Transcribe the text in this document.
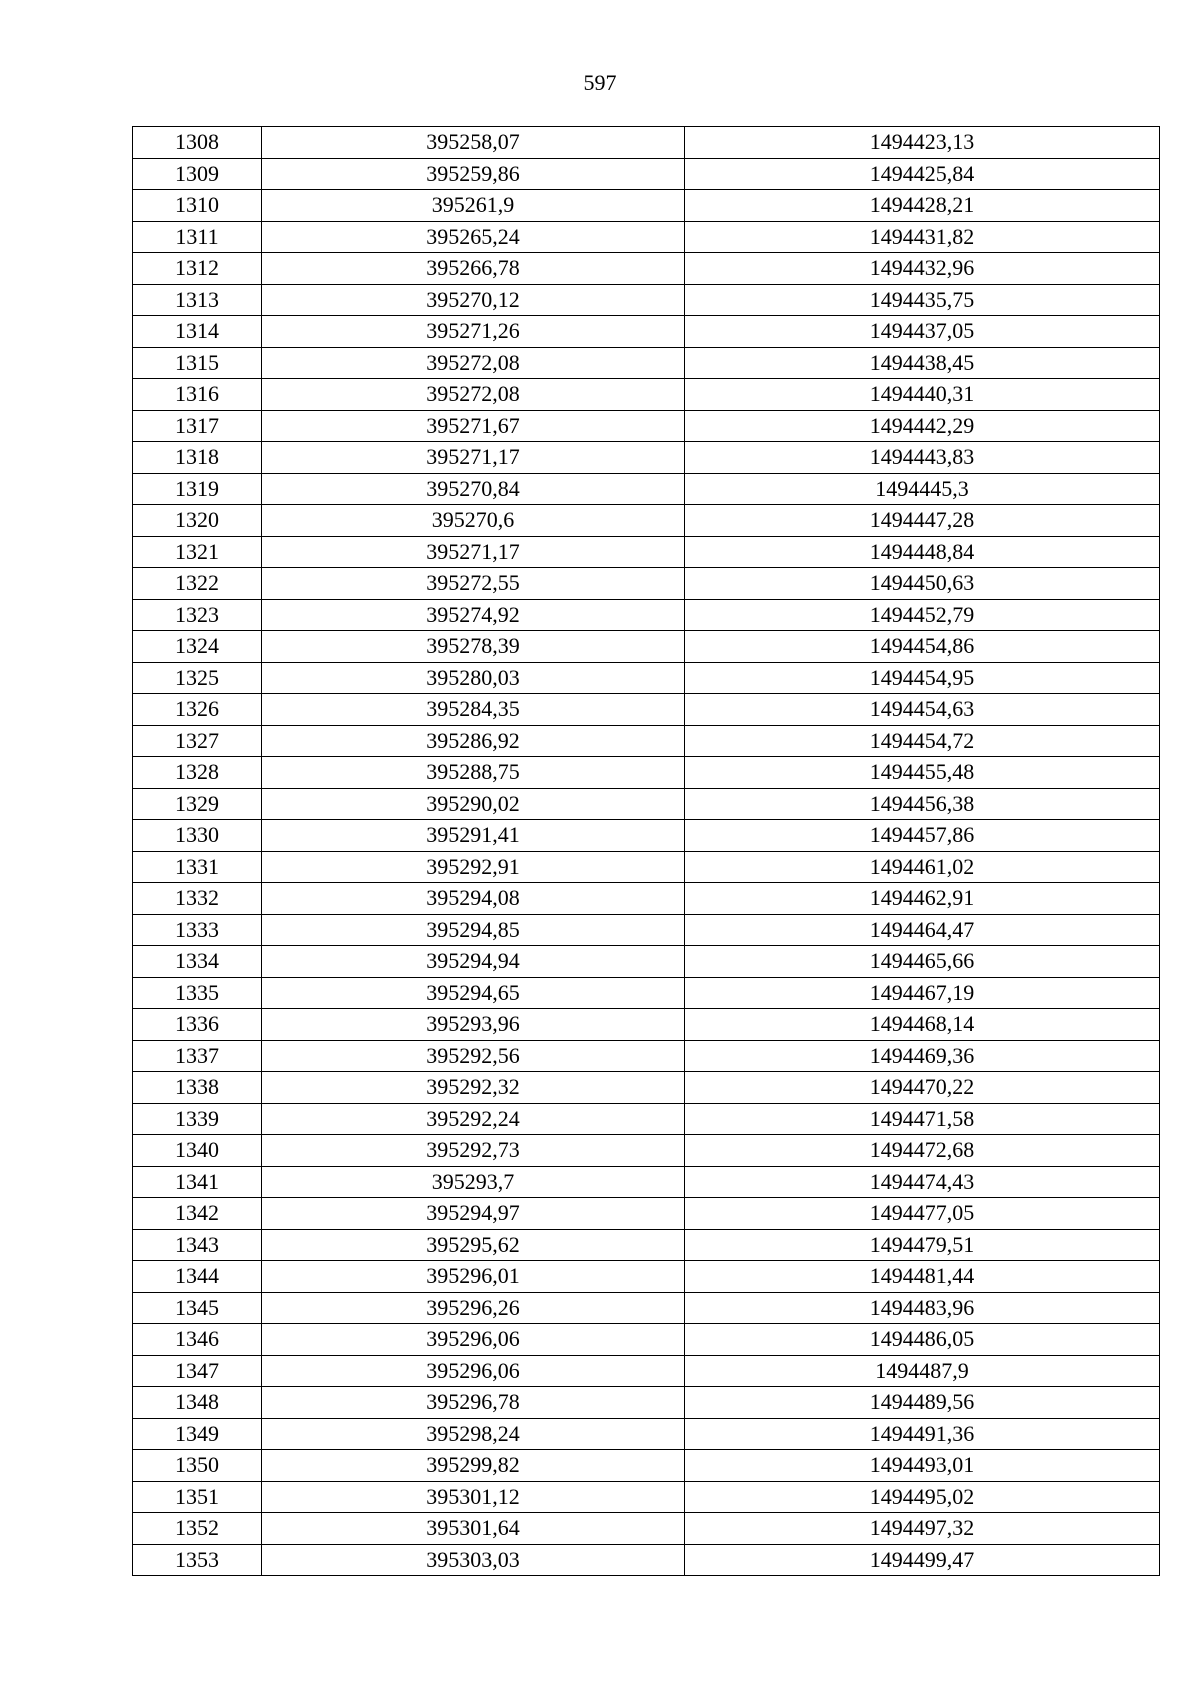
597
1308	395258,07	1494423,13
1309	395259,86	1494425,84
1310	395261,9	1494428,21
1311	395265,24	1494431,82
1312	395266,78	1494432,96
1313	395270,12	1494435,75
1314	395271,26	1494437,05
1315	395272,08	1494438,45
1316	395272,08	1494440,31
1317	395271,67	1494442,29
1318	395271,17	1494443,83
1319	395270,84	1494445,3
1320	395270,6	1494447,28
1321	395271,17	1494448,84
1322	395272,55	1494450,63
1323	395274,92	1494452,79
1324	395278,39	1494454,86
1325	395280,03	1494454,95
1326	395284,35	1494454,63
1327	395286,92	1494454,72
1328	395288,75	1494455,48
1329	395290,02	1494456,38
1330	395291,41	1494457,86
1331	395292,91	1494461,02
1332	395294,08	1494462,91
1333	395294,85	1494464,47
1334	395294,94	1494465,66
1335	395294,65	1494467,19
1336	395293,96	1494468,14
1337	395292,56	1494469,36
1338	395292,32	1494470,22
1339	395292,24	1494471,58
1340	395292,73	1494472,68
1341	395293,7	1494474,43
1342	395294,97	1494477,05
1343	395295,62	1494479,51
1344	395296,01	1494481,44
1345	395296,26	1494483,96
1346	395296,06	1494486,05
1347	395296,06	1494487,9
1348	395296,78	1494489,56
1349	395298,24	1494491,36
1350	395299,82	1494493,01
1351	395301,12	1494495,02
1352	395301,64	1494497,32
1353	395303,03	1494499,47
